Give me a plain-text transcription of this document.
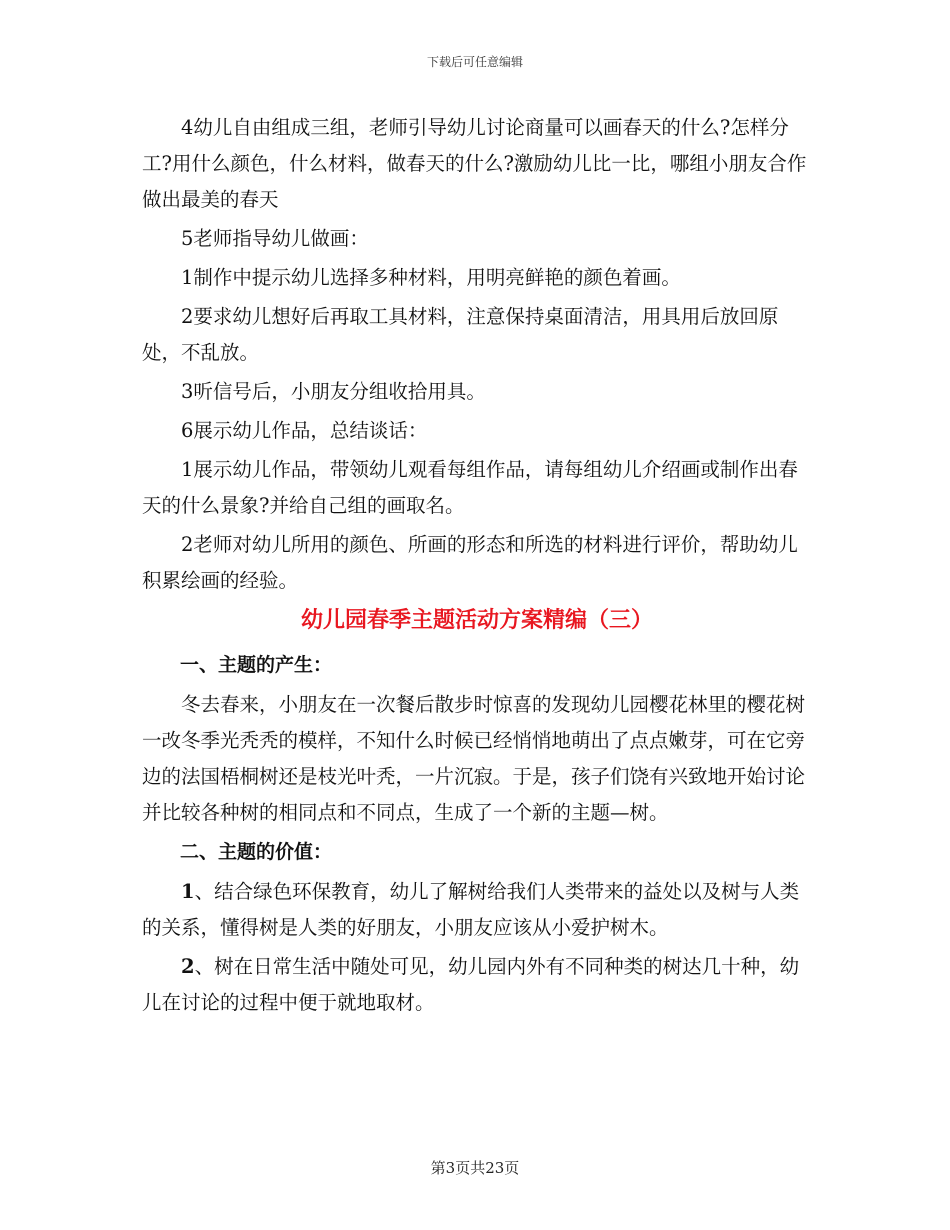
下载后可任意编辑

4幼儿自由组成三组，老师引导幼儿讨论商量可以画春天的什么?怎样分工?用什么颜色，什么材料，做春天的什么?激励幼儿比一比，哪组小朋友合作做出最美的春天

5老师指导幼儿做画：

1制作中提示幼儿选择多种材料，用明亮鲜艳的颜色着画。

2要求幼儿想好后再取工具材料，注意保持桌面清洁，用具用后放回原处，不乱放。

3听信号后，小朋友分组收拾用具。

6展示幼儿作品，总结谈话：

1展示幼儿作品，带领幼儿观看每组作品，请每组幼儿介绍画或制作出春天的什么景象?并给自己组的画取名。

2老师对幼儿所用的颜色、所画的形态和所选的材料进行评价，帮助幼儿积累绘画的经验。

幼儿园春季主题活动方案精编（三）

一、主题的产生：

冬去春来，小朋友在一次餐后散步时惊喜的发现幼儿园樱花林里的樱花树一改冬季光秃秃的模样，不知什么时候已经悄悄地萌出了点点嫩芽，可在它旁边的法国梧桐树还是枝光叶秃，一片沉寂。于是，孩子们饶有兴致地开始讨论并比较各种树的相同点和不同点，生成了一个新的主题—树。

二、主题的价值：

1、结合绿色环保教育，幼儿了解树给我们人类带来的益处以及树与人类的关系，懂得树是人类的好朋友，小朋友应该从小爱护树木。

2、树在日常生活中随处可见，幼儿园内外有不同种类的树达几十种，幼儿在讨论的过程中便于就地取材。

第3页共23页
